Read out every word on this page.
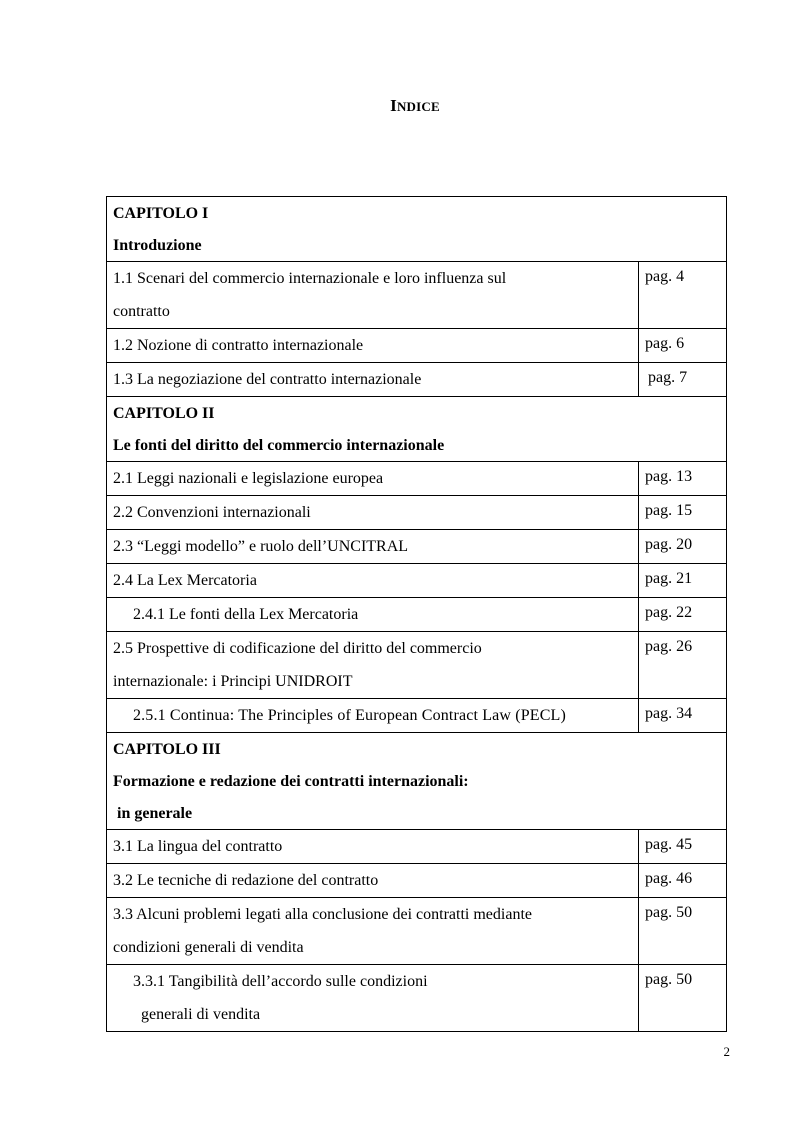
INDICE
CAPITOLO I
Introduzione	

1.1 Scenari del commercio internazionale e loro influenza sul
contratto	pag. 4

1.2 Nozione di contratto internazionale	pag. 6

1.3 La negoziazione del contratto internazionale	pag. 7

CAPITOLO II
Le fonti del diritto del commercio internazionale	

2.1 Leggi nazionali e legislazione europea	pag. 13

2.2 Convenzioni internazionali	pag. 15

2.3 “Leggi modello” e ruolo dell’UNCITRAL	pag. 20

2.4 La Lex Mercatoria	pag. 21

2.4.1 Le fonti della Lex Mercatoria	pag. 22

2.5 Prospettive di codificazione del diritto del commercio
internazionale: i Principi UNIDROIT	pag. 26

2.5.1 Continua: The Principles of European Contract Law (PECL)	pag. 34

CAPITOLO III
Formazione e redazione dei contratti internazionali:
in generale	

3.1 La lingua del contratto	pag. 45

3.2 Le tecniche di redazione del contratto	pag. 46

3.3 Alcuni problemi legati alla conclusione dei contratti mediante
condizioni generali di vendita	pag. 50

3.3.1 Tangibilità dell’accordo sulle condizioni
generali di vendita	pag. 50
2
